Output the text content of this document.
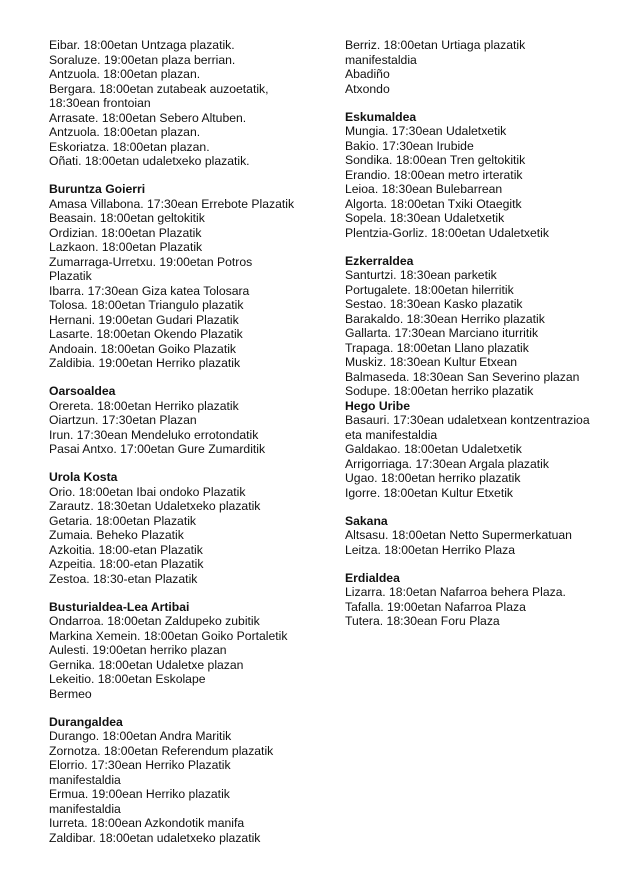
Eibar. 18:00etan Untzaga plazatik.
Soraluze. 19:00etan plaza berrian.
Antzuola. 18:00etan plazan.
Bergara. 18:00etan zutabeak auzoetatik,
18:30ean frontoian
Arrasate. 18:00etan Sebero Altuben.
Antzuola. 18:00etan plazan.
Eskoriatza. 18:00etan plazan.
Oñati. 18:00etan udaletxeko plazatik.
Buruntza Goierri
Amasa Villabona. 17:30ean Errebote Plazatik
Beasain. 18:00etan geltokitik
Ordizian. 18:00etan Plazatik
Lazkaon. 18:00etan Plazatik
Zumarraga-Urretxu. 19:00etan Potros
Plazatik
Ibarra. 17:30ean Giza katea Tolosara
Tolosa. 18:00etan Triangulo plazatik
Hernani. 19:00etan Gudari Plazatik
Lasarte. 18:00etan Okendo Plazatik
Andoain. 18:00etan Goiko Plazatik
Zaldibia. 19:00etan Herriko plazatik
Oarsoaldea
Orereta. 18:00etan Herriko plazatik
Oiartzun. 17:30etan Plazan
Irun. 17:30ean Mendeluko errotondatik
Pasai Antxo. 17:00etan Gure Zumarditik
Urola Kosta
Orio. 18:00etan Ibai ondoko Plazatik
Zarautz. 18:30etan Udaletxeko plazatik
Getaria. 18:00etan Plazatik
Zumaia. Beheko Plazatik
Azkoitia. 18:00-etan Plazatik
Azpeitia. 18:00-etan Plazatik
Zestoa. 18:30-etan Plazatik
Busturialdea-Lea Artibai
Ondarroa. 18:00etan Zaldupeko zubitik
Markina Xemein. 18:00etan Goiko Portaletik
Aulesti. 19:00etan herriko plazan
Gernika. 18:00etan Udaletxe plazan
Lekeitio. 18:00etan Eskolape
Bermeo
Durangaldea
Durango. 18:00etan Andra Maritik
Zornotza. 18:00etan Referendum plazatik
Elorrio. 17:30ean Herriko Plazatik
manifestaldia
Ermua. 19:00ean Herriko plazatik
manifestaldia
Iurreta. 18:00ean Azkondotik manifa
Zaldibar. 18:00etan udaletxeko plazatik
Berriz. 18:00etan Urtiaga plazatik
manifestaldia
Abadiño
Atxondo
Eskumaldea
Mungia. 17:30ean Udaletxetik
Bakio. 17:30ean Irubide
Sondika. 18:00ean Tren geltokitik
Erandio. 18:00ean metro irteratik
Leioa. 18:30ean Bulebarrean
Algorta. 18:00etan Txiki Otaegitk
Sopela. 18:30ean Udaletxetik
Plentzia-Gorliz. 18:00etan Udaletxetik
Ezkerraldea
Santurtzi. 18:30ean parketik
Portugalete. 18:00etan hilerritik
Sestao. 18:30ean Kasko plazatik
Barakaldo. 18:30ean Herriko plazatik
Gallarta. 17:30ean Marciano iturritik
Trapaga. 18:00etan Llano plazatik
Muskiz. 18:30ean Kultur Etxean
Balmaseda. 18:30ean San Severino plazan
Sodupe. 18:00etan herriko plazatik
Hego Uribe
Basauri. 17:30ean udaletxean kontzentrazioa
eta manifestaldia
Galdakao. 18:00etan Udaletxetik
Arrigorriaga. 17:30ean Argala plazatik
Ugao. 18:00etan herriko plazatik
Igorre. 18:00etan Kultur Etxetik
Sakana
Altsasu. 18:00etan Netto Supermerkatuan
Leitza. 18:00etan Herriko Plaza
Erdialdea
Lizarra. 18:0etan Nafarroa behera Plaza.
Tafalla. 19:00etan Nafarroa Plaza
Tutera. 18:30ean Foru Plaza
